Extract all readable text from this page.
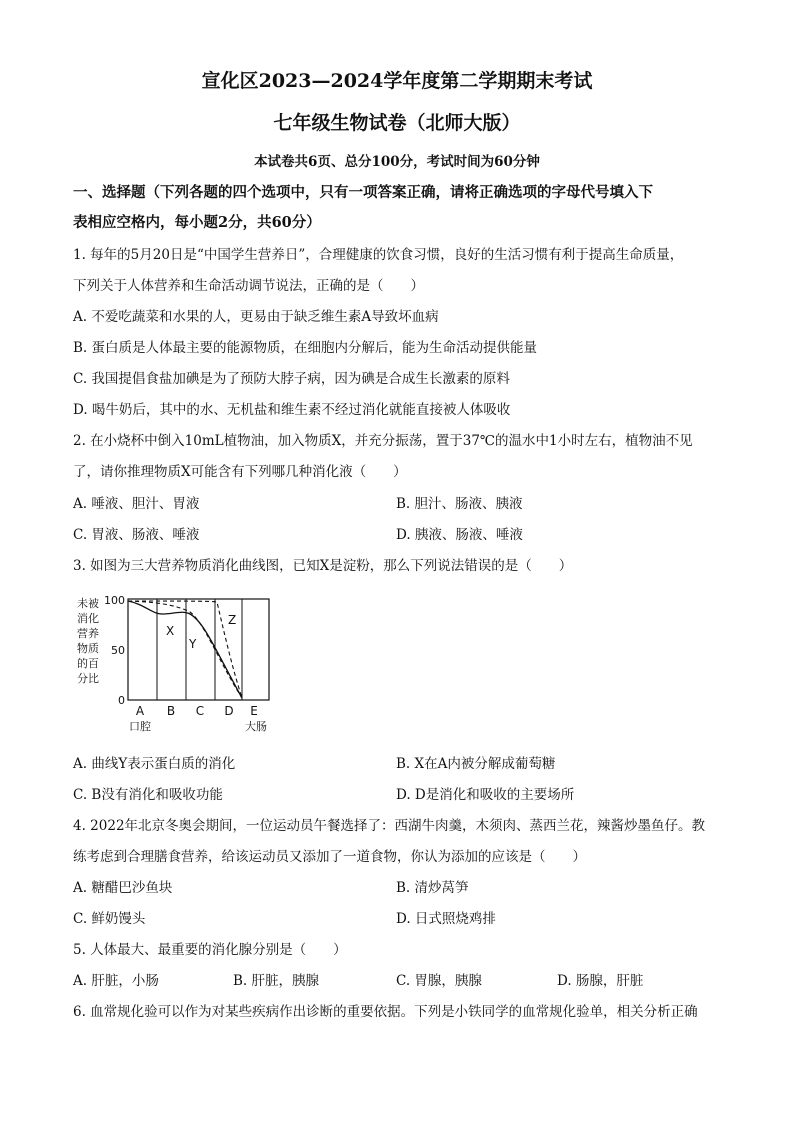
宣化区2023—2024学年度第二学期期末考试
七年级生物试卷（北师大版）
本试卷共6页、总分100分，考试时间为60分钟
一、选择题（下列各题的四个选项中，只有一项答案正确，请将正确选项的字母代号填入下
表相应空格内，每小题2分，共60分）
1. 每年的5月20日是“中国学生营养日”，合理健康的饮食习惯，良好的生活习惯有利于提高生命质量，
下列关于人体营养和生命活动调节说法，正确的是（　　）
A. 不爱吃蔬菜和水果的人，更易由于缺乏维生素A导致坏血病
B. 蛋白质是人体最主要的能源物质，在细胞内分解后，能为生命活动提供能量
C. 我国提倡食盐加碘是为了预防大脖子病，因为碘是合成生长激素的原料
D. 喝牛奶后，其中的水、无机盐和维生素不经过消化就能直接被人体吸收
2. 在小烧杯中倒入10mL植物油，加入物质X，并充分振荡，置于37℃的温水中1小时左右，植物油不见
了，请你推理物质X可能含有下列哪几种消化液（　　）
A. 唾液、胆汁、胃液	B. 胆汁、肠液、胰液
C. 胃液、肠液、唾液	D. 胰液、肠液、唾液
3. 如图为三大营养物质消化曲线图，已知X是淀粉，那么下列说法错误的是（　　）
未被
消化
营养
物质
的百
分比
100
50
0
X
Y
Z
A B C D E
口腔	大肠
A. 曲线Y表示蛋白质的消化	B. X在A内被分解成葡萄糖
C. B没有消化和吸收功能	D. D是消化和吸收的主要场所
4. 2022年北京冬奥会期间，一位运动员午餐选择了：西湖牛肉羹，木须肉、蒸西兰花，辣酱炒墨鱼仔。教
练考虑到合理膳食营养，给该运动员又添加了一道食物，你认为添加的应该是（　　）
A. 糖醋巴沙鱼块	B. 清炒莴笋
C. 鲜奶馒头	D. 日式照烧鸡排
5. 人体最大、最重要的消化腺分别是（　　）
A. 肝脏，小肠	B. 肝脏，胰腺	C. 胃腺，胰腺	D. 肠腺，肝脏
6. 血常规化验可以作为对某些疾病作出诊断的重要依据。下列是小铁同学的血常规化验单，相关分析正确
